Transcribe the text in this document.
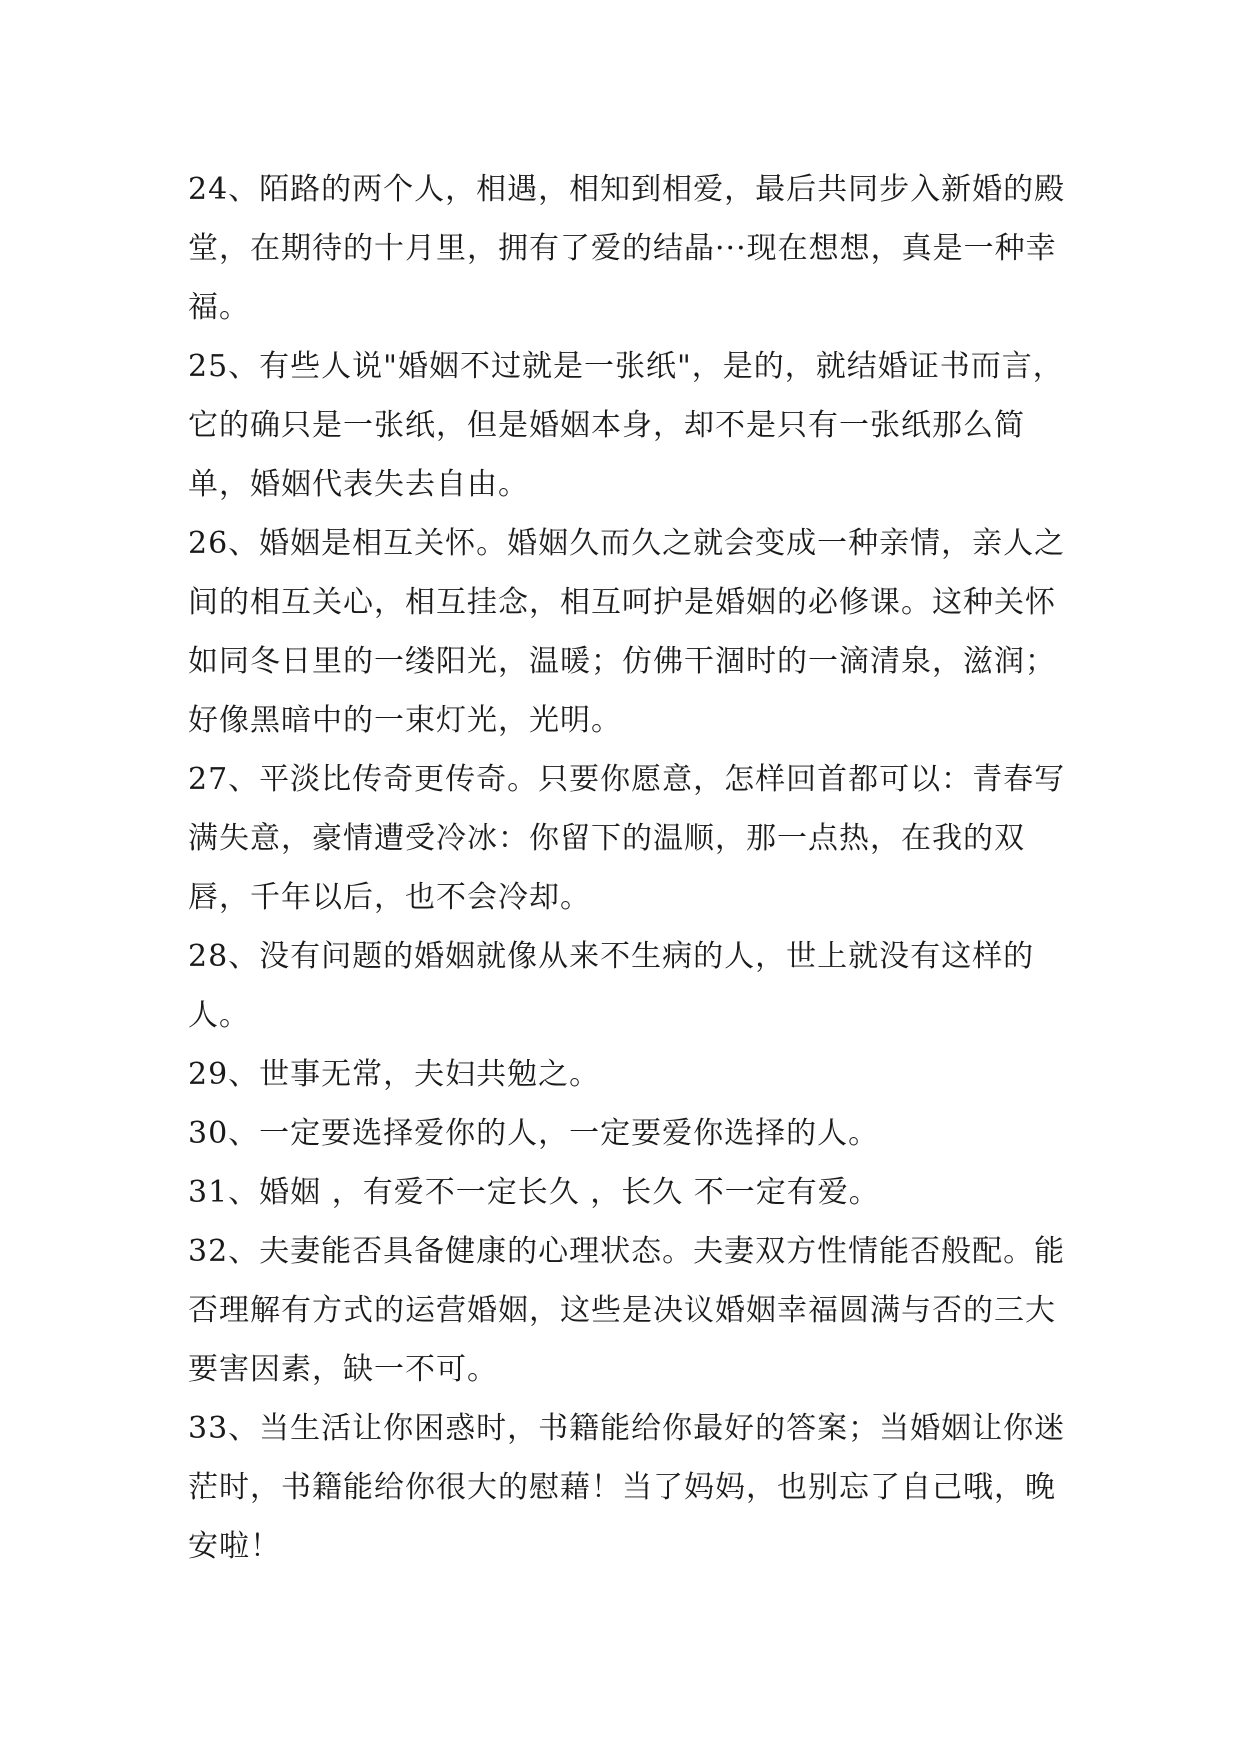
24、陌路的两个人，相遇，相知到相爱，最后共同步入新婚的殿堂，在期待的十月里，拥有了爱的结晶···现在想想，真是一种幸福。

25、有些人说"婚姻不过就是一张纸"，是的，就结婚证书而言，它的确只是一张纸，但是婚姻本身，却不是只有一张纸那么简单，婚姻代表失去自由。

26、婚姻是相互关怀。婚姻久而久之就会变成一种亲情，亲人之间的相互关心，相互挂念，相互呵护是婚姻的必修课。这种关怀如同冬日里的一缕阳光，温暖；仿佛干涸时的一滴清泉，滋润；好像黑暗中的一束灯光，光明。

27、平淡比传奇更传奇。只要你愿意，怎样回首都可以：青春写满失意，豪情遭受冷冰：你留下的温顺，那一点热，在我的双唇，千年以后，也不会冷却。

28、没有问题的婚姻就像从来不生病的人，世上就没有这样的人。

29、世事无常，夫妇共勉之。

30、一定要选择爱你的人，一定要爱你选择的人。

31、婚姻 ，有爱不一定长久 ，长久 不一定有爱。

32、夫妻能否具备健康的心理状态。夫妻双方性情能否般配。能否理解有方式的运营婚姻，这些是决议婚姻幸福圆满与否的三大要害因素，缺一不可。

33、当生活让你困惑时，书籍能给你最好的答案；当婚姻让你迷茫时，书籍能给你很大的慰藉！当了妈妈，也别忘了自己哦，晚安啦！
